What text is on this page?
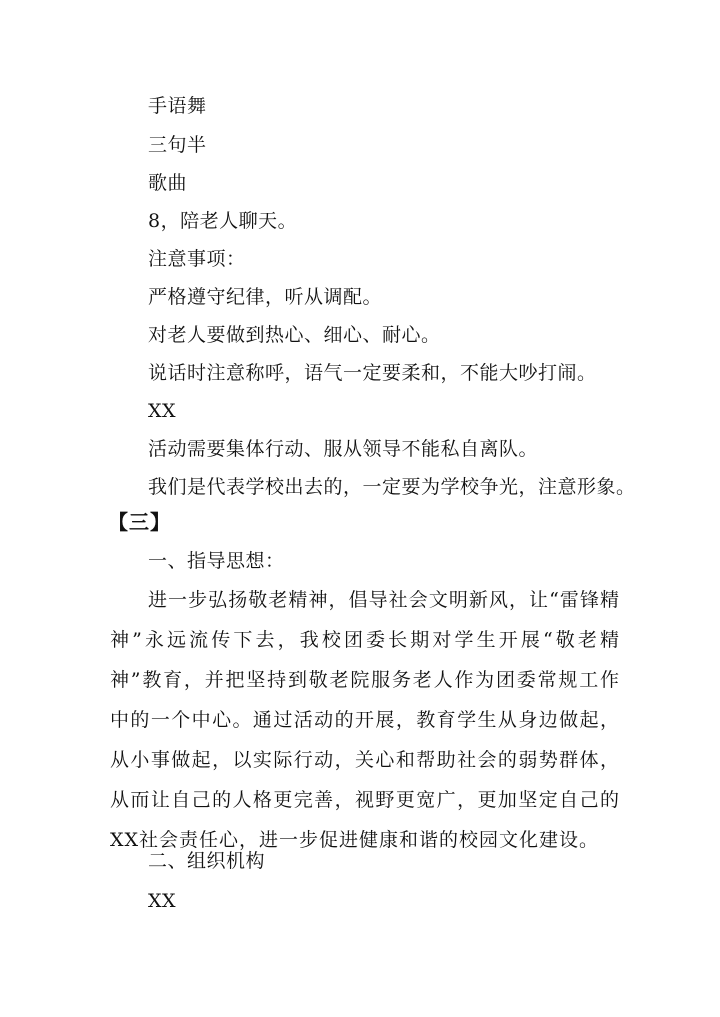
手语舞
三句半
歌曲
8，陪老人聊天。
注意事项：
严格遵守纪律，听从调配。
对老人要做到热心、细心、耐心。
说话时注意称呼，语气一定要柔和，不能大吵打闹。
XX
活动需要集体行动、服从领导不能私自离队。
我们是代表学校出去的，一定要为学校争光，注意形象。
【三】
一、指导思想：

进一步弘扬敬老精神，倡导社会文明新风，让“雷锋精神”永远流传下去，我校团委长期对学生开展“敬老精神”教育，并把坚持到敬老院服务老人作为团委常规工作中的一个中心。通过活动的开展，教育学生从身边做起，从小事做起，以实际行动，关心和帮助社会的弱势群体，从而让自己的人格更完善，视野更宽广，更加坚定自己的XX社会责任心，进一步促进健康和谐的校园文化建设。

二、组织机构
XX
